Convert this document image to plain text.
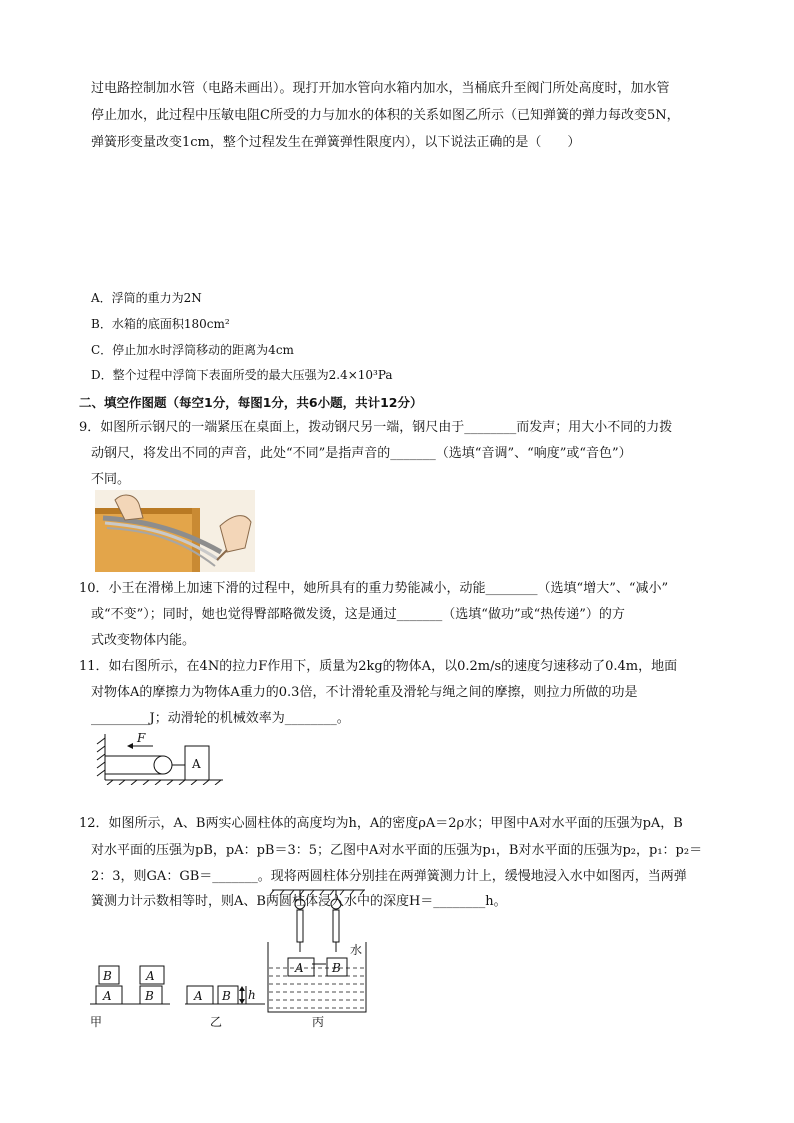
过电路控制加水管（电路未画出）。现打开加水管向水箱内加水，当桶底升至阀门所处高度时，加水管
停止加水，此过程中压敏电阻C所受的力与加水的体积的关系如图乙所示（已知弹簧的弹力每改变5N，
弹簧形变量改变1cm，整个过程发生在弹簧弹性限度内），以下说法正确的是（　　）
A．浮筒的重力为2N
B．水箱的底面积180cm²
C．停止加水时浮筒移动的距离为4cm
D．整个过程中浮筒下表面所受的最大压强为2.4×10³Pa
二、填空作图题（每空1分，每图1分，共6小题，共计12分）
9．如图所示钢尺的一端紧压在桌面上，拨动钢尺另一端，钢尺由于________而发声；用大小不同的力拨
动钢尺，将发出不同的声音，此处“不同”是指声音的_______（选填“音调”、“响度”或“音色”）
不同。
10．小王在滑梯上加速下滑的过程中，她所具有的重力势能减小，动能________（选填“增大”、“减小”
或“不变”）；同时，她也觉得臀部略微发烫，这是通过_______（选填“做功”或“热传递”）的方
式改变物体内能。
11．如右图所示，在4N的拉力F作用下，质量为2kg的物体A，以0.2m/s的速度匀速移动了0.4m，地面
对物体A的摩擦力为物体A重力的0.3倍，不计滑轮重及滑轮与绳之间的摩擦，则拉力所做的功是
_________J；动滑轮的机械效率为________。
F
A
12．如图所示，A、B两实心圆柱体的高度均为h，A的密度ρA＝2ρ水；甲图中A对水平面的压强为pA，B
对水平面的压强为pB，pA：pB＝3：5；乙图中A对水平面的压强为p₁，B对水平面的压强为p₂，p₁：p₂＝
2：3，则GA：GB＝_______。现将两圆柱体分别挂在两弹簧测力计上，缓慢地浸入水中如图丙，当两弹
簧测力计示数相等时，则A、B两圆柱体浸入水中的深度H＝________h。
A
B
B
A
A B h
A B
水
甲	乙	丙
